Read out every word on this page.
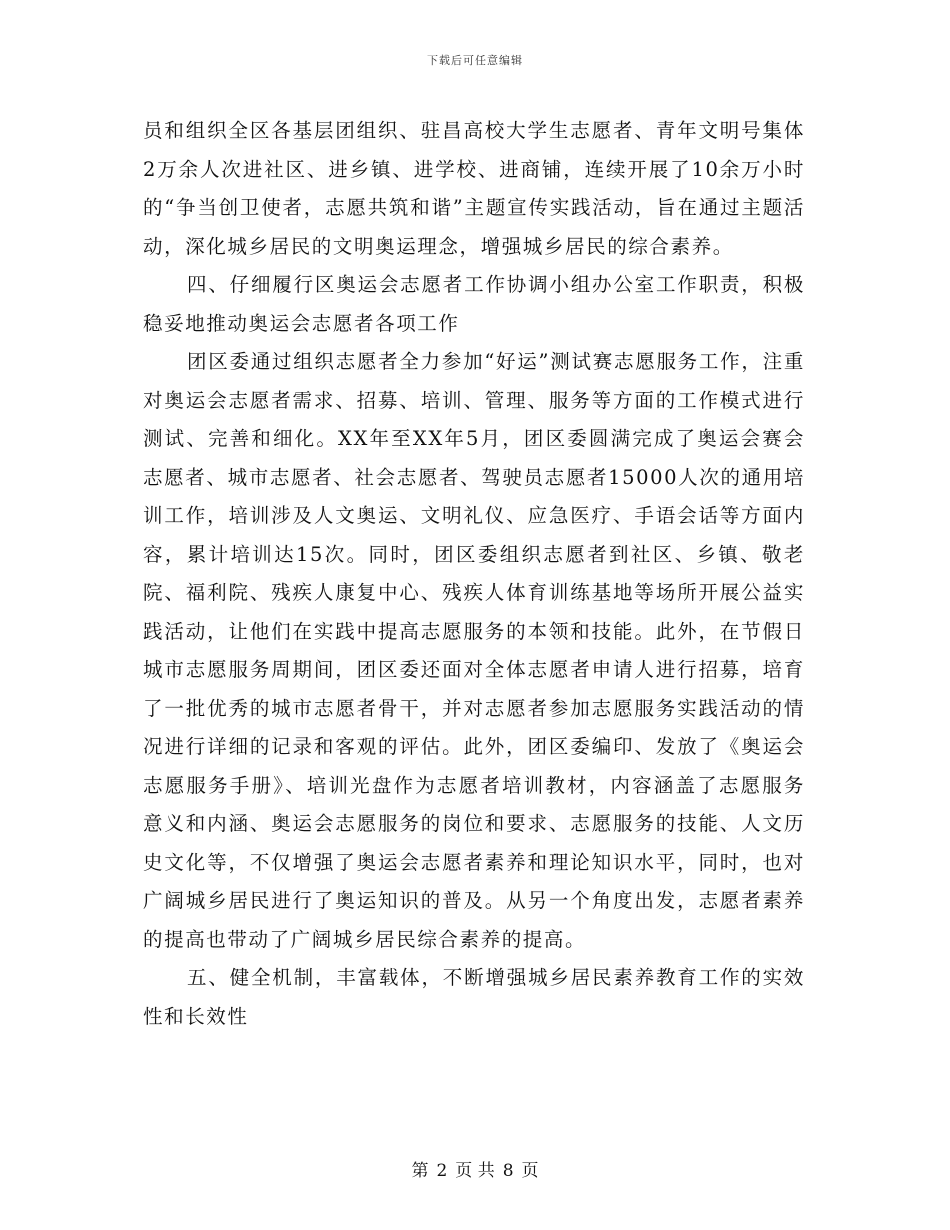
下载后可任意编辑

员和组织全区各基层团组织、驻昌高校大学生志愿者、青年文明号集体2万余人次进社区、进乡镇、进学校、进商铺，连续开展了10余万小时的“争当创卫使者，志愿共筑和谐”主题宣传实践活动，旨在通过主题活动，深化城乡居民的文明奥运理念，增强城乡居民的综合素养。

四、仔细履行区奥运会志愿者工作协调小组办公室工作职责，积极稳妥地推动奥运会志愿者各项工作

团区委通过组织志愿者全力参加“好运”测试赛志愿服务工作，注重对奥运会志愿者需求、招募、培训、管理、服务等方面的工作模式进行测试、完善和细化。XX年至XX年5月，团区委圆满完成了奥运会赛会志愿者、城市志愿者、社会志愿者、驾驶员志愿者15000人次的通用培训工作，培训涉及人文奥运、文明礼仪、应急医疗、手语会话等方面内容，累计培训达15次。同时，团区委组织志愿者到社区、乡镇、敬老院、福利院、残疾人康复中心、残疾人体育训练基地等场所开展公益实践活动，让他们在实践中提高志愿服务的本领和技能。此外，在节假日城市志愿服务周期间，团区委还面对全体志愿者申请人进行招募，培育了一批优秀的城市志愿者骨干，并对志愿者参加志愿服务实践活动的情况进行详细的记录和客观的评估。此外，团区委编印、发放了《奥运会志愿服务手册》、培训光盘作为志愿者培训教材，内容涵盖了志愿服务意义和内涵、奥运会志愿服务的岗位和要求、志愿服务的技能、人文历史文化等，不仅增强了奥运会志愿者素养和理论知识水平，同时，也对广阔城乡居民进行了奥运知识的普及。从另一个角度出发，志愿者素养的提高也带动了广阔城乡居民综合素养的提高。

五、健全机制，丰富载体，不断增强城乡居民素养教育工作的实效性和长效性

第 2 页 共 8 页
